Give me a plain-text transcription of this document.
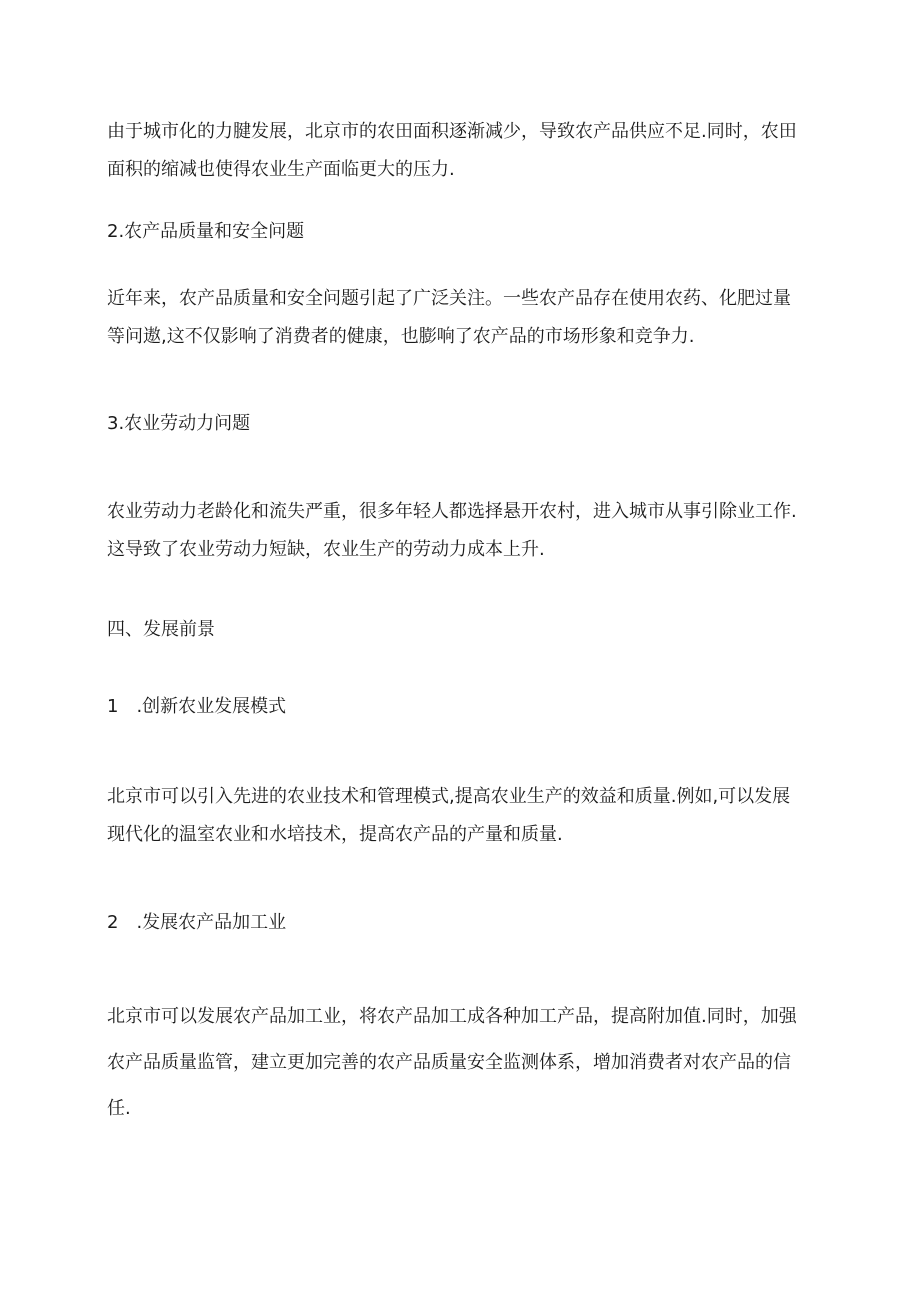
由于城市化的力腱发展，北京市的农田面积逐渐减少，导致农产品供应不足.同时，农田
面积的缩减也使得农业生产面临更大的压力.

2.农产品质量和安全问题

近年来，农产品质量和安全问题引起了广泛关注。一些农产品存在使用农药、化肥过量
等问遨,这不仅影响了消费者的健康，也膨响了农产品的市场形象和竞争力.

3.农业劳动力问题

农业劳动力老龄化和流失严重，很多年轻人都选择悬开农村，进入城市从事引除业工作.
这导致了农业劳动力短缺，农业生产的劳动力成本上升.

四、发展前景
1 .创新农业发展模式

北京市可以引入先进的农业技术和管理模式,提高农业生产的效益和质量.例如,可以发展
现代化的温室农业和水培技术，提高农产品的产量和质量.

2 .发展农产品加工业

北京市可以发展农产品加工业，将农产品加工成各种加工产品，提高附加值.同时，加强
农产品质量监管，建立更加完善的农产品质量安全监测体系，增加消费者对农产品的信
任.
